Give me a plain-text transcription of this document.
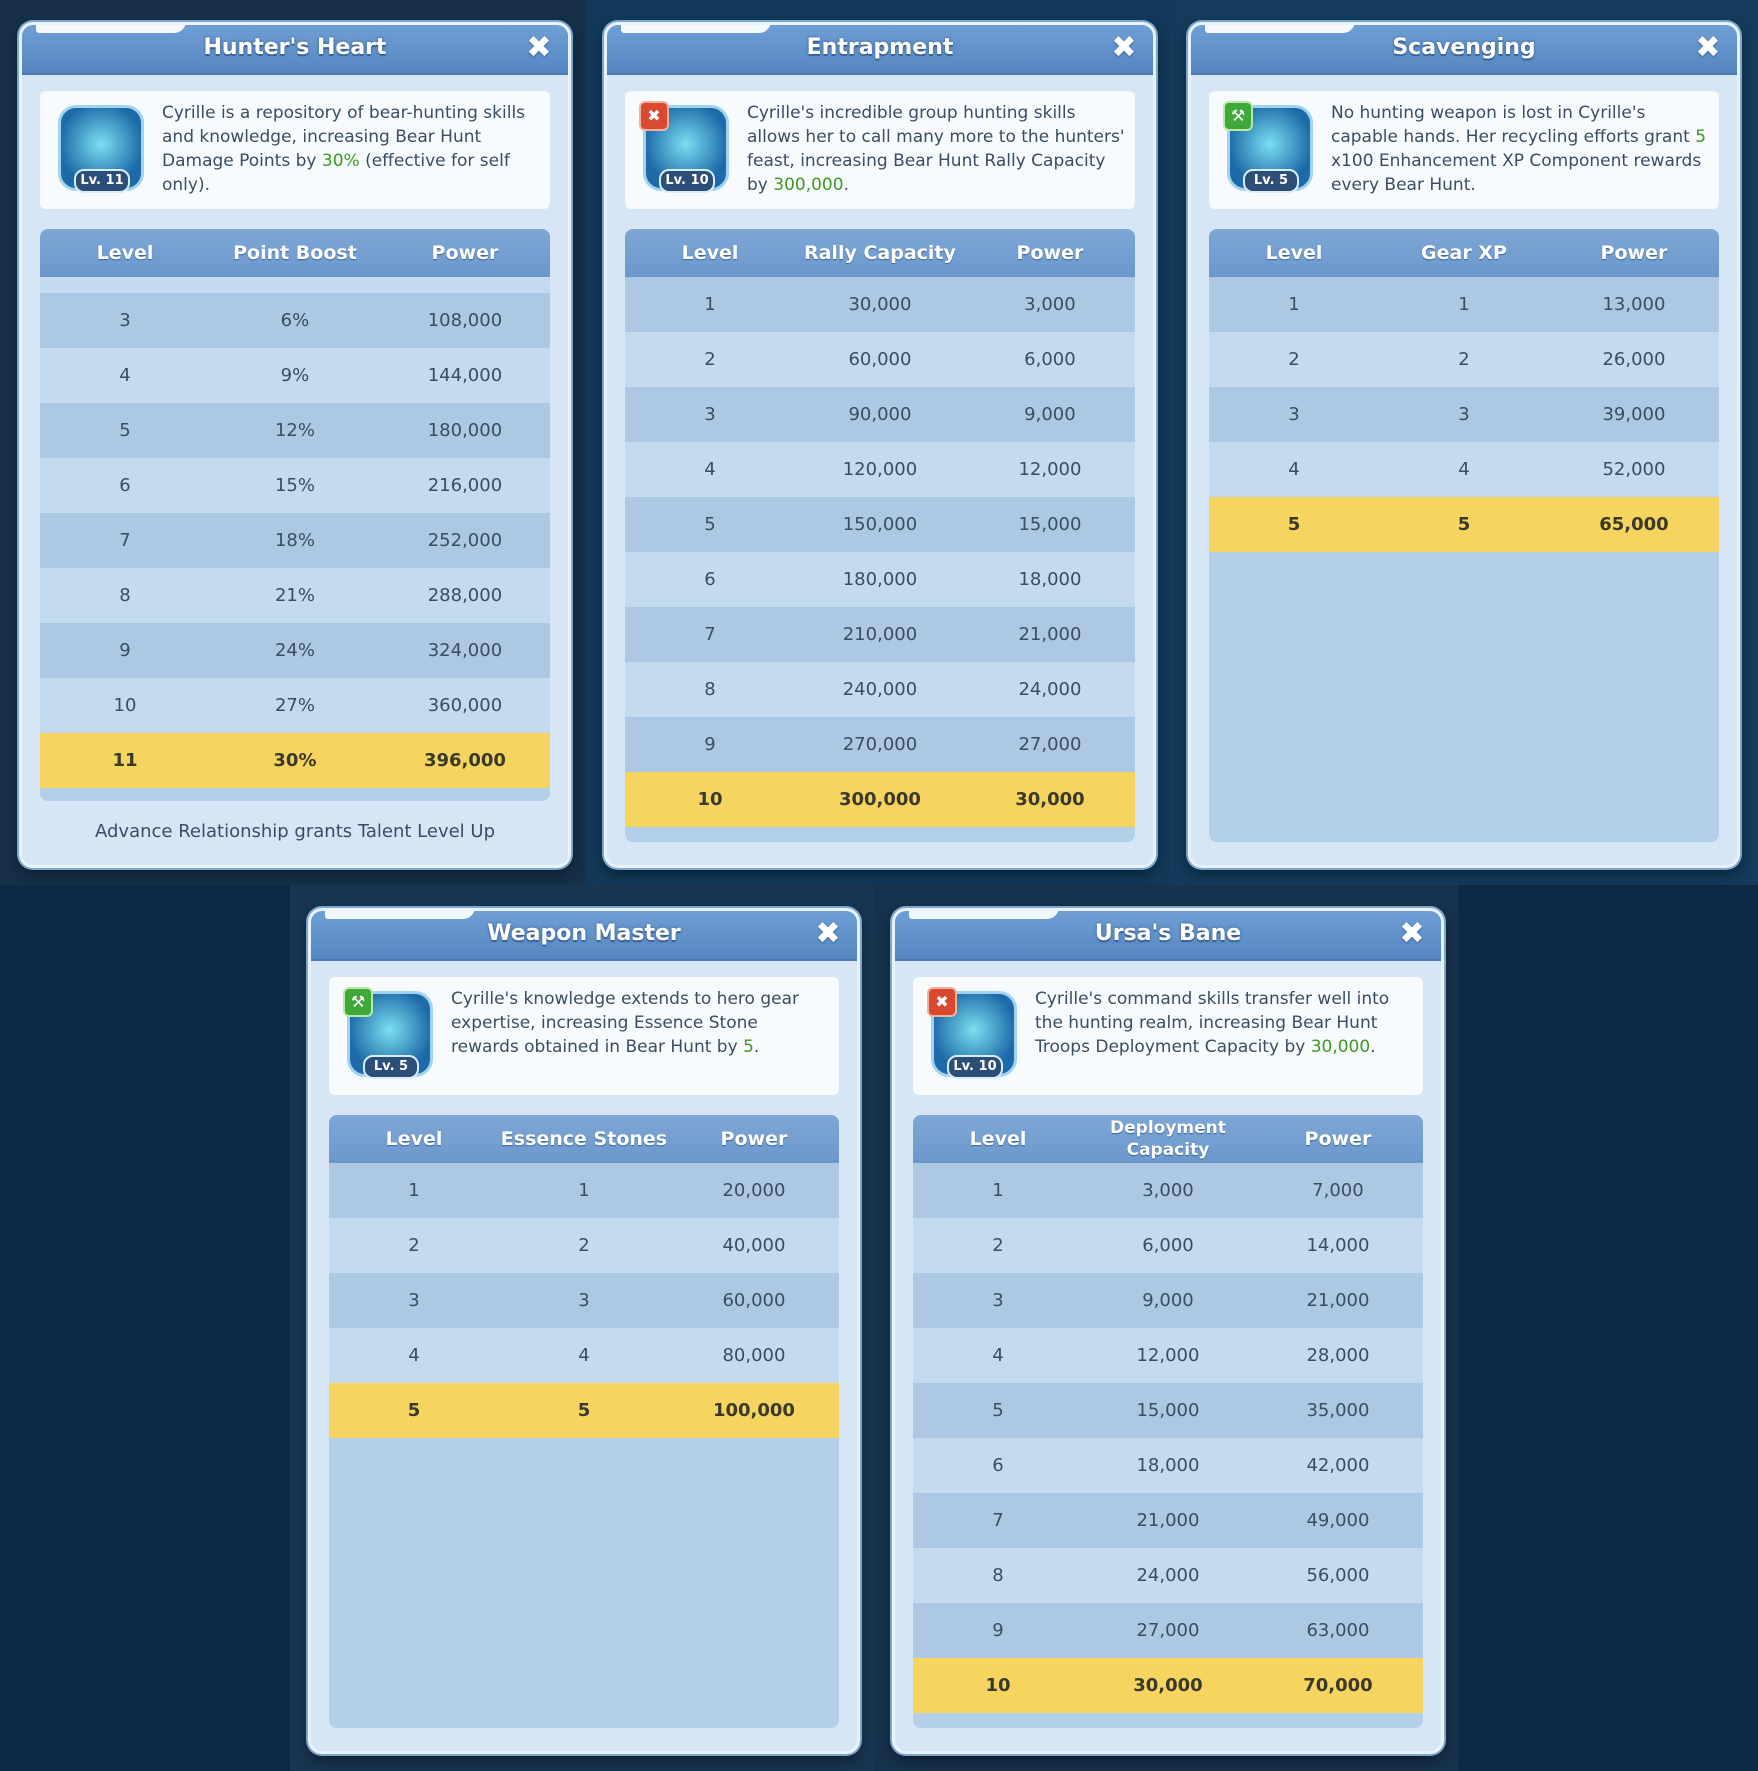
Hunter's Heart	✖
Lv. 11
Cyrille is a repository of bear-hunting skills and knowledge, increasing Bear Hunt Damage Points by 30% (effective for self only).
Level	Point Boost	Power
3	6%	108,000
4	9%	144,000
5	12%	180,000
6	15%	216,000
7	18%	252,000
8	21%	288,000
9	24%	324,000
10	27%	360,000
11	30%	396,000
Advance Relationship grants Talent Level Up
Entrapment	✖
✖
Lv. 10
Cyrille's incredible group hunting skills allows her to call many more to the hunters' feast, increasing Bear Hunt Rally Capacity by 300,000.
Level	Rally Capacity	Power
1	30,000	3,000
2	60,000	6,000
3	90,000	9,000
4	120,000	12,000
5	150,000	15,000
6	180,000	18,000
7	210,000	21,000
8	240,000	24,000
9	270,000	27,000
10	300,000	30,000
Scavenging	✖
⚒
Lv. 5
No hunting weapon is lost in Cyrille's capable hands. Her recycling efforts grant 5 x100 Enhancement XP Component rewards every Bear Hunt.
Level	Gear XP	Power
1	1	13,000
2	2	26,000
3	3	39,000
4	4	52,000
5	5	65,000
Weapon Master	✖
⚒
Lv. 5
Cyrille's knowledge extends to hero gear expertise, increasing Essence Stone rewards obtained in Bear Hunt by 5.
Level	Essence Stones	Power
1	1	20,000
2	2	40,000
3	3	60,000
4	4	80,000
5	5	100,000
Ursa's Bane	✖
✖
Lv. 10
Cyrille's command skills transfer well into the hunting realm, increasing Bear Hunt Troops Deployment Capacity by 30,000.
Level	Deployment Capacity	Power
1	3,000	7,000
2	6,000	14,000
3	9,000	21,000
4	12,000	28,000
5	15,000	35,000
6	18,000	42,000
7	21,000	49,000
8	24,000	56,000
9	27,000	63,000
10	30,000	70,000
